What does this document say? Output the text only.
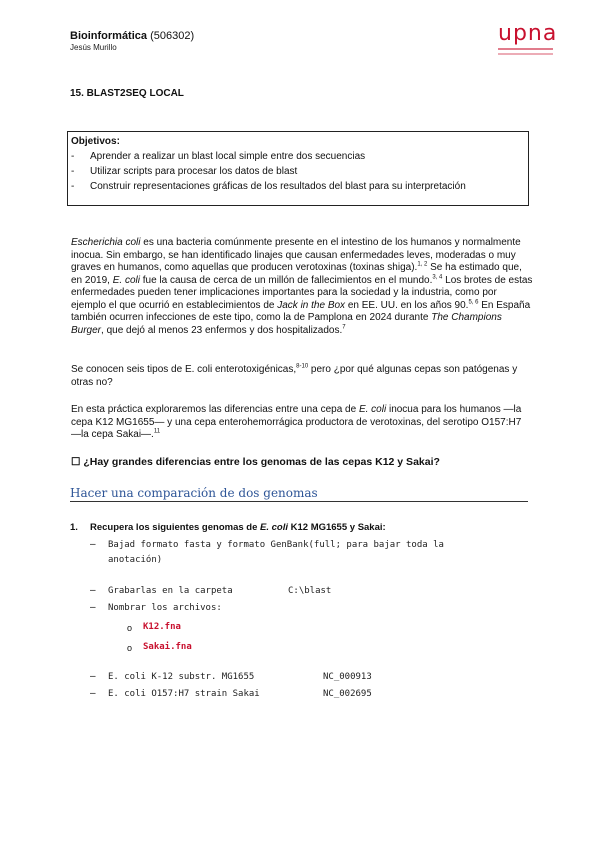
Bioinformática (506302)
Jesús Murillo
upna
15. BLAST2SEQ LOCAL
Objetivos:
- Aprender a realizar un blast local simple entre dos secuencias
- Utilizar scripts para procesar los datos de blast
- Construir representaciones gráficas de los resultados del blast para su interpretación
Escherichia coli es una bacteria comúnmente presente en el intestino de los humanos y normalmente inocua. Sin embargo, se han identificado linajes que causan enfermedades leves, moderadas o muy graves en humanos, como aquellas que producen verotoxinas (toxinas shiga).$^{1, 2}$ Se ha estimado que, en 2019, E. coli fue la causa de cerca de un millón de fallecimientos en el mundo.$^{3, 4}$ Los brotes de estas enfermedades pueden tener implicaciones importantes para la sociedad y la industria, como por ejemplo el que ocurrió en establecimientos de Jack in the Box en EE. UU. en los años 90.$^{5, 6}$ En España también ocurren infecciones de este tipo, como la de Pamplona en 2024 durante The Champions Burger, que dejó al menos 23 enfermos y dos hospitalizados.$^7$
Se conocen seis tipos de E. coli enterotoxigénicas,$^{8-10}$ pero ¿por qué algunas cepas son patógenas y otras no?
En esta práctica exploraremos las diferencias entre una cepa de E. coli inocua para los humanos —la cepa K12 MG1655— y una cepa enterohemorrágica productora de verotoxinas, del serotipo O157:H7 —la cepa Sakai—.$^{11}$
☐ ¿Hay grandes diferencias entre los genomas de las cepas K12 y Sakai?
Hacer una comparación de dos genomas
1. Recupera los siguientes genomas de E. coli K12 MG1655 y Sakai:
– Bajad formato fasta y formato GenBank(full; para bajar toda la
anotación)
– Grabarlas en la carpeta	C:\blast
– Nombrar los archivos:
o K12.fna
o Sakai.fna
– E. coli K-12 substr. MG1655	NC_000913
– E. coli O157:H7 strain Sakai	NC_002695
